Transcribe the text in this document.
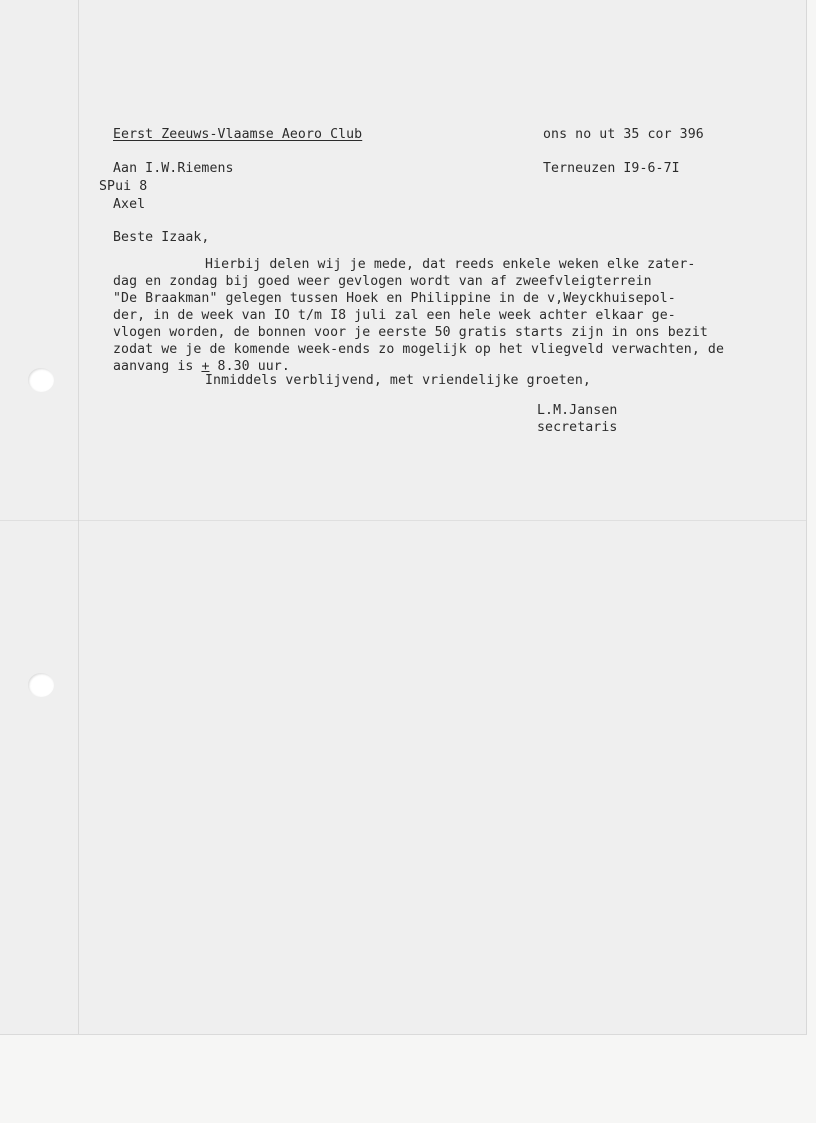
Eerst Zeeuws-Vlaamse Aeoro Club	ons no ut 35 cor 396
Aan I.W.Riemens
SPui 8
Axel
Terneuzen I9-6-7I
Beste Izaak,
Hierbij delen wij je mede, dat reeds enkele weken elke zater-
dag en zondag bij goed weer gevlogen wordt van af zweefvleigterrein
"De Braakman" gelegen tussen Hoek en Philippine in de v,Weyckhuisepol-
der, in de week van IO t/m I8 juli zal een hele week achter elkaar ge-
vlogen worden, de bonnen voor je eerste 50 gratis starts zijn in ons bezit
zodat we je de komende week-ends zo mogelijk op het vliegveld verwachten, de
aanvang is + 8.30 uur.
Inmiddels verblijvend, met vriendelijke groeten,
L.M.Jansen
secretaris
